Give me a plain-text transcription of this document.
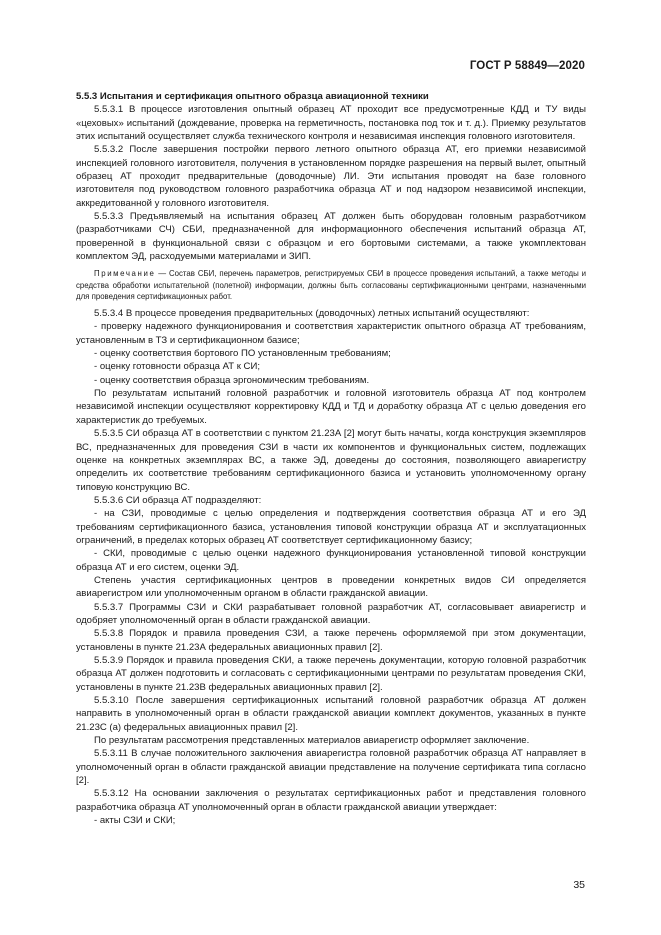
ГОСТ Р 58849—2020

5.5.3 Испытания и сертификация опытного образца авиационной техники

5.5.3.1 В процессе изготовления опытный образец АТ проходит все предусмотренные КДД и ТУ виды «цеховых» испытаний (дождевание, проверка на герметичность, постановка под ток и т. д.). Приемку результатов этих испытаний осуществляет служба технического контроля и независимая инспекция головного изготовителя.

5.5.3.2 После завершения постройки первого летного опытного образца АТ, его приемки независимой инспекцией головного изготовителя, получения в установленном порядке разрешения на первый вылет, опытный образец АТ проходит предварительные (доводочные) ЛИ. Эти испытания проводят на базе головного изготовителя под руководством головного разработчика образца АТ и под надзором независимой инспекции, аккредитованной у головного изготовителя.

5.5.3.3 Предъявляемый на испытания образец АТ должен быть оборудован головным разработчиком (разработчиками СЧ) СБИ, предназначенной для информационного обеспечения испытаний образца АТ, проверенной в функциональной связи с образцом и его бортовыми системами, а также укомплектован комплектом ЭД, расходуемыми материалами и ЗИП.

Примечание — Состав СБИ, перечень параметров, регистрируемых СБИ в процессе проведения испытаний, а также методы и средства обработки испытательной (полетной) информации, должны быть согласованы сертификационными центрами, назначенными для проведения сертификационных работ.

5.5.3.4 В процессе проведения предварительных (доводочных) летных испытаний осуществляют:

- проверку надежного функционирования и соответствия характеристик опытного образца АТ требованиям, установленным в ТЗ и сертификационном базисе;

- оценку соответствия бортового ПО установленным требованиям;

- оценку готовности образца АТ к СИ;

- оценку соответствия образца эргономическим требованиям.

По результатам испытаний головной разработчик и головной изготовитель образца АТ под контролем независимой инспекции осуществляют корректировку КДД и ТД и доработку образца АТ с целью доведения его характеристик до требуемых.

5.5.3.5 СИ образца АТ в соответствии с пунктом 21.23А [2] могут быть начаты, когда конструкция экземпляров ВС, предназначенных для проведения СЗИ в части их компонентов и функциональных систем, подлежащих оценке на конкретных экземплярах ВС, а также ЭД, доведены до состояния, позволяющего авиарегистру определить их соответствие требованиям сертификационного базиса и установить уполномоченному органу типовую конструкцию ВС.

5.5.3.6 СИ образца АТ подразделяют:

- на СЗИ, проводимые с целью определения и подтверждения соответствия образца АТ и его ЭД требованиям сертификационного базиса, установления типовой конструкции образца АТ и эксплуатационных ограничений, в пределах которых образец АТ соответствует сертификационному базису;

- СКИ, проводимые с целью оценки надежного функционирования установленной типовой конструкции образца АТ и его систем, оценки ЭД.

Степень участия сертификационных центров в проведении конкретных видов СИ определяется авиарегистром или уполномоченным органом в области гражданской авиации.

5.5.3.7 Программы СЗИ и СКИ разрабатывает головной разработчик АТ, согласовывает авиарегистр и одобряет уполномоченный орган в области гражданской авиации.

5.5.3.8 Порядок и правила проведения СЗИ, а также перечень оформляемой при этом документации, установлены в пункте 21.23А федеральных авиационных правил [2].

5.5.3.9 Порядок и правила проведения СКИ, а также перечень документации, которую головной разработчик образца АТ должен подготовить и согласовать с сертификационными центрами по результатам проведения СКИ, установлены в пункте 21.23В федеральных авиационных правил [2].

5.5.3.10 После завершения сертификационных испытаний головной разработчик образца АТ должен направить в уполномоченный орган в области гражданской авиации комплект документов, указанных в пункте 21.23С (а) федеральных авиационных правил [2].

По результатам рассмотрения представленных материалов авиарегистр оформляет заключение.

5.5.3.11 В случае положительного заключения авиарегистра головной разработчик образца АТ направляет в уполномоченный орган в области гражданской авиации представление на получение сертификата типа согласно [2].

5.5.3.12 На основании заключения о результатах сертификационных работ и представления головного разработчика образца АТ уполномоченный орган в области гражданской авиации утверждает:

- акты СЗИ и СКИ;

35
